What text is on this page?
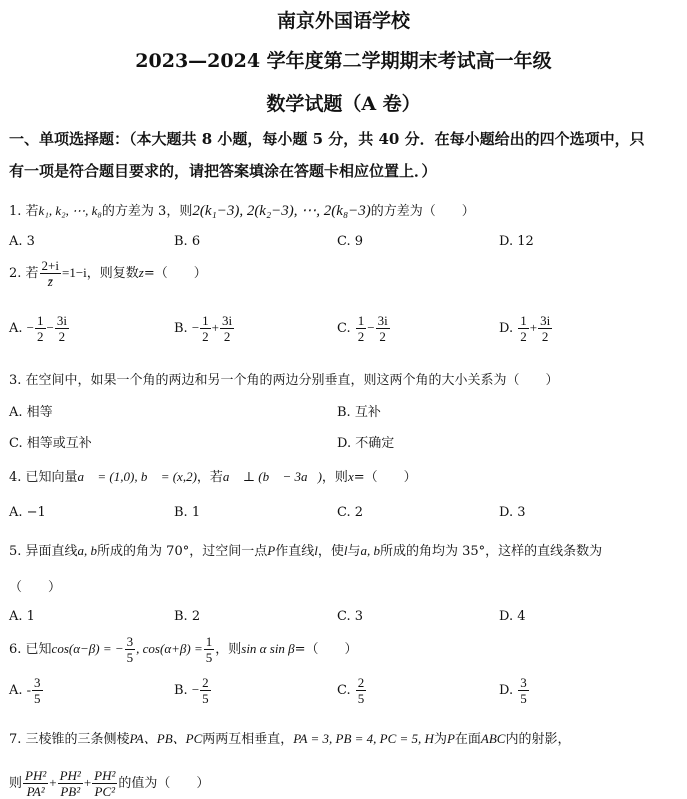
南京外国语学校
2023—2024 学年度第二学期期末考试高一年级
数学试题（A 卷）
一、单项选择题：（本大题共 8 小题，每小题 5 分，共 40 分．在每小题给出的四个选项中，只
有一项是符合题目要求的，请把答案填涂在答题卡相应位置上．）
1. 若k₁, k₂, ⋯, k₈的方差为 3，则2(k₁−3), 2(k₂−3), ⋯, 2(k₈−3)的方差为（　　）
A. 3	B. 6	C. 9	D. 12
2. 若 $\frac{2+i}{z̄} =1-i$，则复数z=（　　）
A. − $\frac{1}{2} - \frac{3i}{2}$	B. − $\frac{1}{2} + \frac{3i}{2}$	C. $\frac{1}{2} - \frac{3i}{2}$	D. $\frac{1}{2} + \frac{3i}{2}$
3. 在空间中，如果一个角的两边和另一个角的两边分别垂直，则这两个角的大小关系为（　　）
A. 相等	B. 互补
C. 相等或互补	D. 不确定
4. 已知向量a⃗ = (1,0), b⃗ = (x,2)，若a⃗ ⊥ (b⃗ − 3a⃗)，则x=（　　）
A. −1	B. 1	C. 2	D. 3
5. 异面直线a, b所成的角为 70°，过空间一点P作直线l，使l与a, b所成的角均为 35°，这样的直线条数为
（　　）
A. 1	B. 2	C. 3	D. 4
6. 已知cos(α−β) = − $\frac{3}{5}$ , $\cos(\alpha+\beta) = \frac{1}{5}$ ，则sin α sin β=（　　）
A. - $\frac{3}{5}$	B. − $\frac{2}{5}$	C. $\frac{2}{5}$	D. $\frac{3}{5}$
7. 三棱锥的三条侧棱PA、PB、PC两两互相垂直，PA = 3, PB = 4, PC = 5, H为P在面ABC内的射影，
则 $\frac{\text{PH²}}{\text{PA²}} + \frac{\text{PH²}}{\text{PB²}} + \frac{\text{PH²}}{\text{PC²}}$ 的值为（　　）
